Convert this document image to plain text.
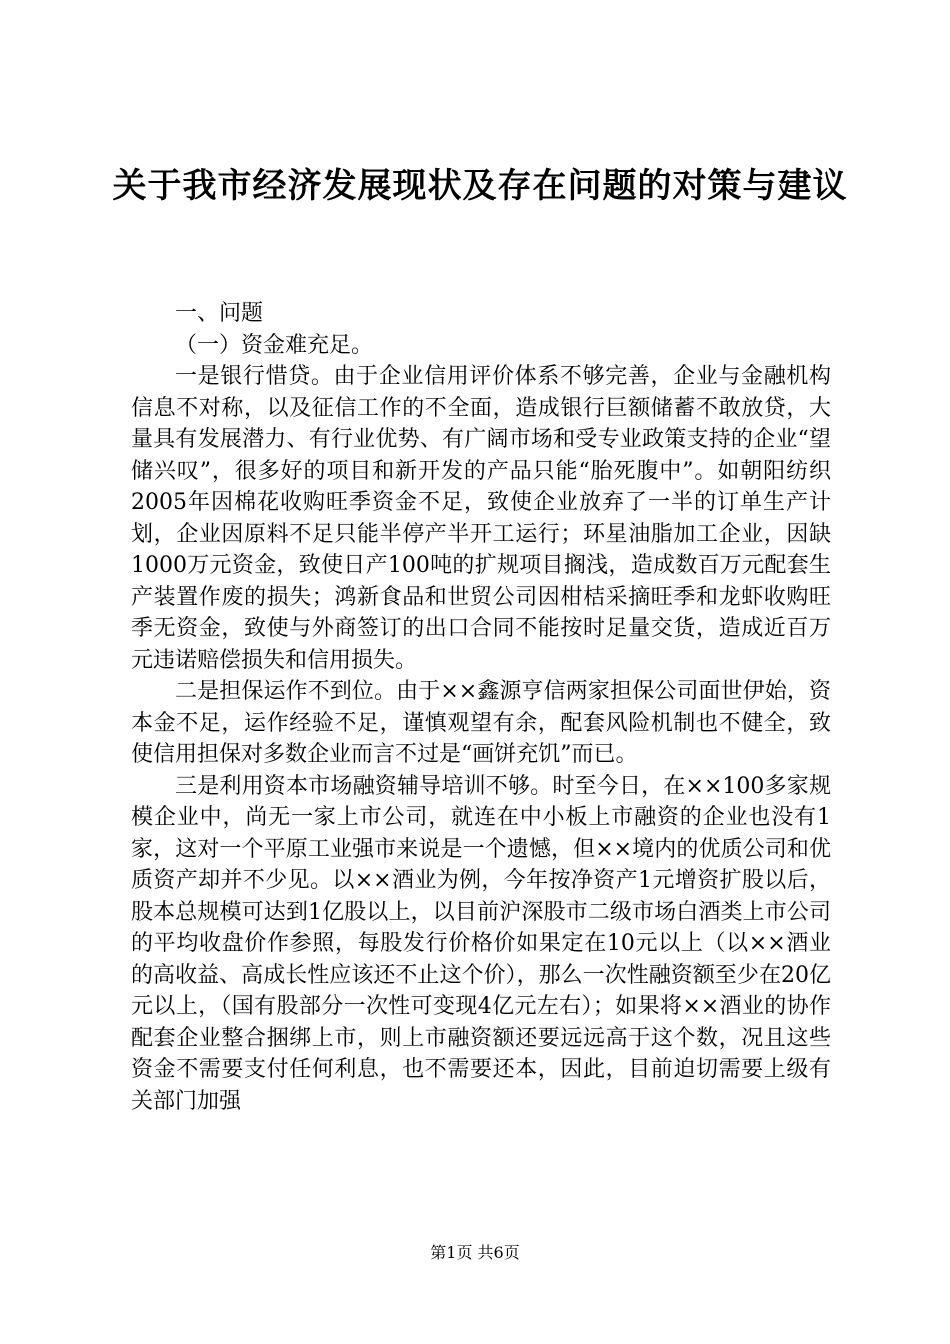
关于我市经济发展现状及存在问题的对策与建议

一、问题

（一）资金难充足。

一是银行惜贷。由于企业信用评价体系不够完善，企业与金融机构信息不对称，以及征信工作的不全面，造成银行巨额储蓄不敢放贷，大量具有发展潜力、有行业优势、有广阔市场和受专业政策支持的企业“望储兴叹”，很多好的项目和新开发的产品只能“胎死腹中”。如朝阳纺织2005年因棉花收购旺季资金不足，致使企业放弃了一半的订单生产计划，企业因原料不足只能半停产半开工运行；环星油脂加工企业，因缺1000万元资金，致使日产100吨的扩规项目搁浅，造成数百万元配套生产装置作废的损失；鸿新食品和世贸公司因柑桔采摘旺季和龙虾收购旺季无资金，致使与外商签订的出口合同不能按时足量交货，造成近百万元违诺赔偿损失和信用损失。

二是担保运作不到位。由于××鑫源亨信两家担保公司面世伊始，资本金不足，运作经验不足，谨慎观望有余，配套风险机制也不健全，致使信用担保对多数企业而言不过是“画饼充饥”而已。

三是利用资本市场融资辅导培训不够。时至今日，在××100多家规模企业中，尚无一家上市公司，就连在中小板上市融资的企业也没有1家，这对一个平原工业强市来说是一个遗憾，但××境内的优质公司和优质资产却并不少见。以××酒业为例，今年按净资产1元增资扩股以后，股本总规模可达到1亿股以上，以目前沪深股市二级市场白酒类上市公司的平均收盘价作参照，每股发行价格价如果定在10元以上（以××酒业的高收益、高成长性应该还不止这个价），那么一次性融资额至少在20亿元以上，（国有股部分一次性可变现4亿元左右）；如果将××酒业的协作配套企业整合捆绑上市，则上市融资额还要远远高于这个数，况且这些资金不需要支付任何利息，也不需要还本，因此，目前迫切需要上级有关部门加强

第1页 共6页
